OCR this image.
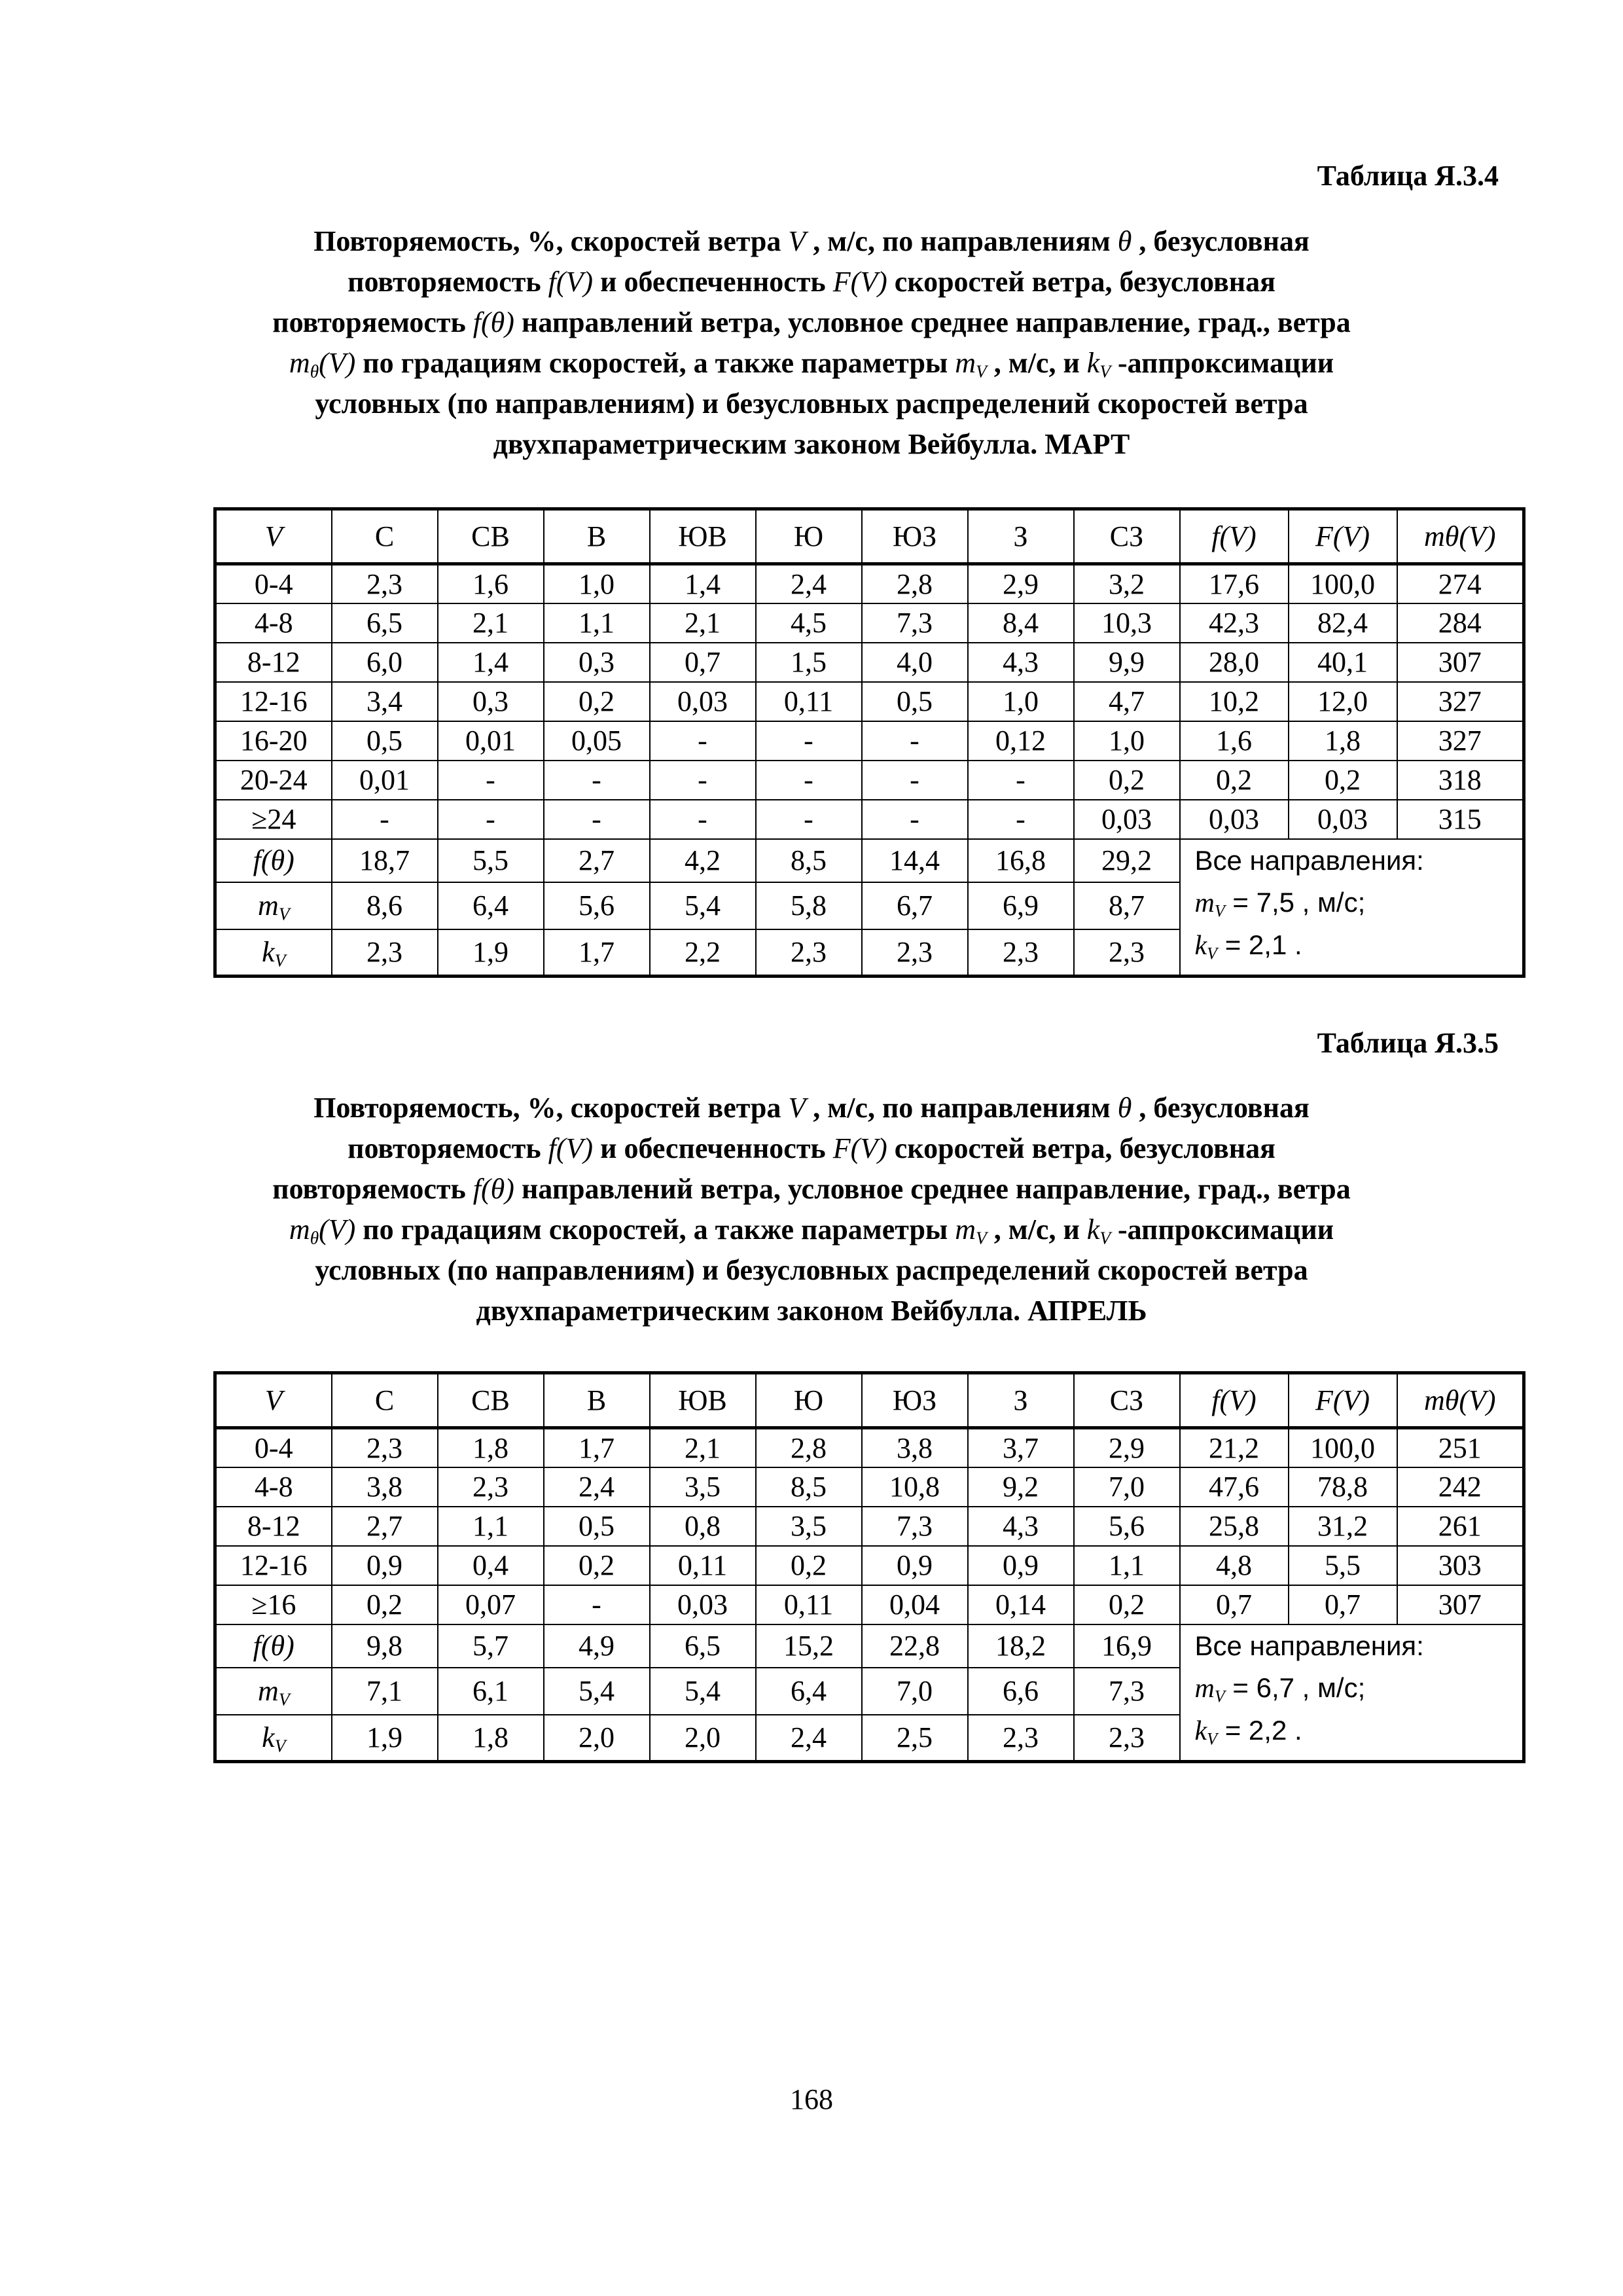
Таблица Я.3.4
Повторяемость, %, скоростей ветра V , м/с, по направлениям θ , безусловная
повторяемость f(V) и обеспеченность F(V) скоростей ветра, безусловная
повторяемость f(θ) направлений ветра, условное среднее направление, град., ветра
$m_\theta(V)$ по градациям скоростей, а также параметры $m_V$ , м/с, и $k_V$ -аппроксимации
условных (по направлениям) и безусловных распределений скоростей ветра
двухпараметрическим законом Вейбулла. МАРТ
V	С	СВ	В	ЮВ	Ю	ЮЗ	З	СЗ	f(V)	F(V)	mθ(V)
0-4	2,3	1,6	1,0	1,4	2,4	2,8	2,9	3,2	17,6	100,0	274
4-8	6,5	2,1	1,1	2,1	4,5	7,3	8,4	10,3	42,3	82,4	284
8-12	6,0	1,4	0,3	0,7	1,5	4,0	4,3	9,9	28,0	40,1	307
12-16	3,4	0,3	0,2	0,03	0,11	0,5	1,0	4,7	10,2	12,0	327
16-20	0,5	0,01	0,05	-	-	-	0,12	1,0	1,6	1,8	327
20-24	0,01	-	-	-	-	-	-	0,2	0,2	0,2	318
≥24	-	-	-	-	-	-	-	0,03	0,03	0,03	315
f(θ)	18,7	5,5	2,7	4,2	8,5	14,4	16,8	29,2	Все направления:
$m_V = 7,5$ , м/с;
$k_V = 2,1$ .		

$m_V$	8,6	6,4	5,6	5,4	5,8	6,7	6,9	8,7			
$k_V$	2,3	1,9	1,7	2,2	2,3	2,3	2,3	2,3			
Таблица Я.3.5
Повторяемость, %, скоростей ветра V , м/с, по направлениям θ , безусловная
повторяемость f(V) и обеспеченность F(V) скоростей ветра, безусловная
повторяемость f(θ) направлений ветра, условное среднее направление, град., ветра
$m_\theta(V)$ по градациям скоростей, а также параметры $m_V$ , м/с, и $k_V$ -аппроксимации
условных (по направлениям) и безусловных распределений скоростей ветра
двухпараметрическим законом Вейбулла. АПРЕЛЬ
V	С	СВ	В	ЮВ	Ю	ЮЗ	З	СЗ	f(V)	F(V)	mθ(V)
0-4	2,3	1,8	1,7	2,1	2,8	3,8	3,7	2,9	21,2	100,0	251
4-8	3,8	2,3	2,4	3,5	8,5	10,8	9,2	7,0	47,6	78,8	242
8-12	2,7	1,1	0,5	0,8	3,5	7,3	4,3	5,6	25,8	31,2	261
12-16	0,9	0,4	0,2	0,11	0,2	0,9	0,9	1,1	4,8	5,5	303
≥16	0,2	0,07	-	0,03	0,11	0,04	0,14	0,2	0,7	0,7	307
f(θ)	9,8	5,7	4,9	6,5	15,2	22,8	18,2	16,9	Все направления:
$m_V = 6,7$ , м/с;
$k_V = 2,2$ .		

$m_V$	7,1	6,1	5,4	5,4	6,4	7,0	6,6	7,3			
$k_V$	1,9	1,8	2,0	2,0	2,4	2,5	2,3	2,3			
168
